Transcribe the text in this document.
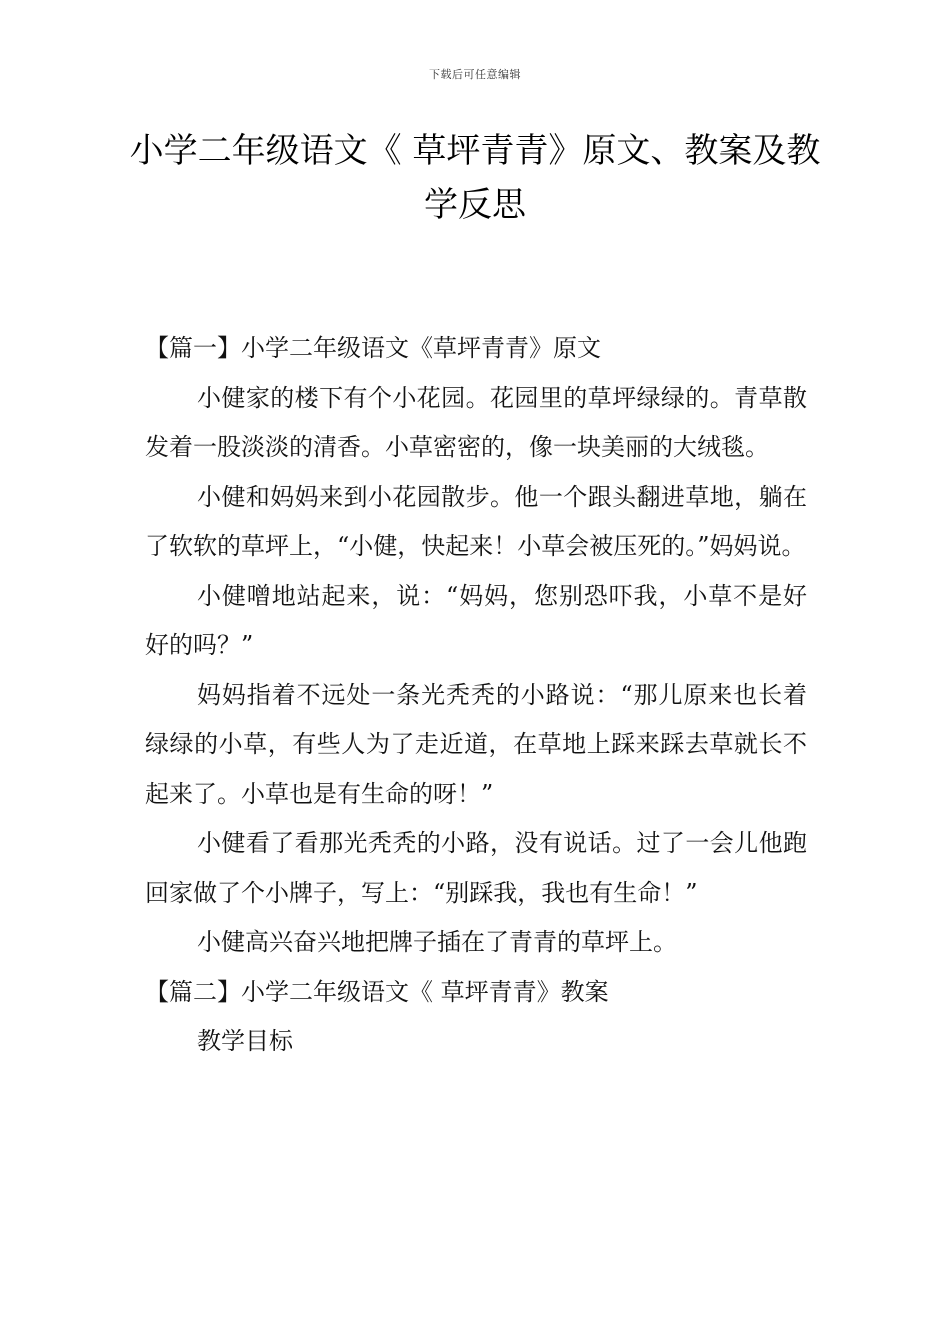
下载后可任意编辑
小学二年级语文《 草坪青青》原文、教案及教学反思

【篇一】小学二年级语文《草坪青青》原文

小健家的楼下有个小花园。花园里的草坪绿绿的。青草散发着一股淡淡的清香。小草密密的，像一块美丽的大绒毯。

小健和妈妈来到小花园散步。他一个跟头翻进草地，躺在了软软的草坪上，“小健，快起来！小草会被压死的。”妈妈说。

小健噌地站起来，说：“妈妈，您别恐吓我，小草不是好好的吗？”

妈妈指着不远处一条光秃秃的小路说：“那儿原来也长着绿绿的小草，有些人为了走近道，在草地上踩来踩去草就长不起来了。小草也是有生命的呀！”

小健看了看那光秃秃的小路，没有说话。过了一会儿他跑回家做了个小牌子，写上：“别踩我，我也有生命！”

小健高兴奋兴地把牌子插在了青青的草坪上。

【篇二】小学二年级语文《 草坪青青》教案

教学目标
